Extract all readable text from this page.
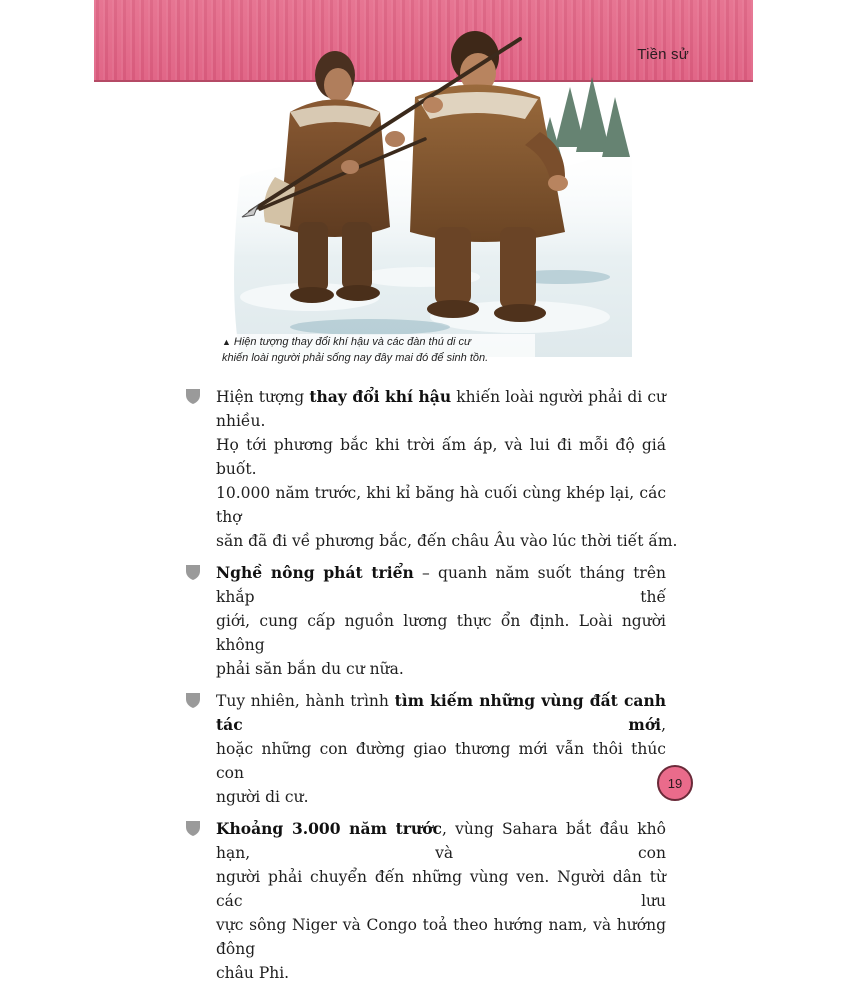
Tiền sử
▲ Hiện tượng thay đổi khí hậu và các đàn thú di cư
khiến loài người phải sống nay đây mai đó để sinh tồn.
Hiện tượng thay đổi khí hậu khiến loài người phải di cư nhiều.
Họ tới phương bắc khi trời ấm áp, và lui đi mỗi độ giá buốt.
10.000 năm trước, khi kỉ băng hà cuối cùng khép lại, các thợ
săn đã đi về phương bắc, đến châu Âu vào lúc thời tiết ấm.
Nghề nông phát triển – quanh năm suốt tháng trên khắp thế
giới, cung cấp nguồn lương thực ổn định. Loài người không
phải săn bắn du cư nữa.
Tuy nhiên, hành trình tìm kiếm những vùng đất canh tác mới,
hoặc những con đường giao thương mới vẫn thôi thúc con
người di cư.
Khoảng 3.000 năm trước, vùng Sahara bắt đầu khô hạn, và con
người phải chuyển đến những vùng ven. Người dân từ các lưu
vực sông Niger và Congo toả theo hướng nam, và hướng đông
châu Phi.
19
